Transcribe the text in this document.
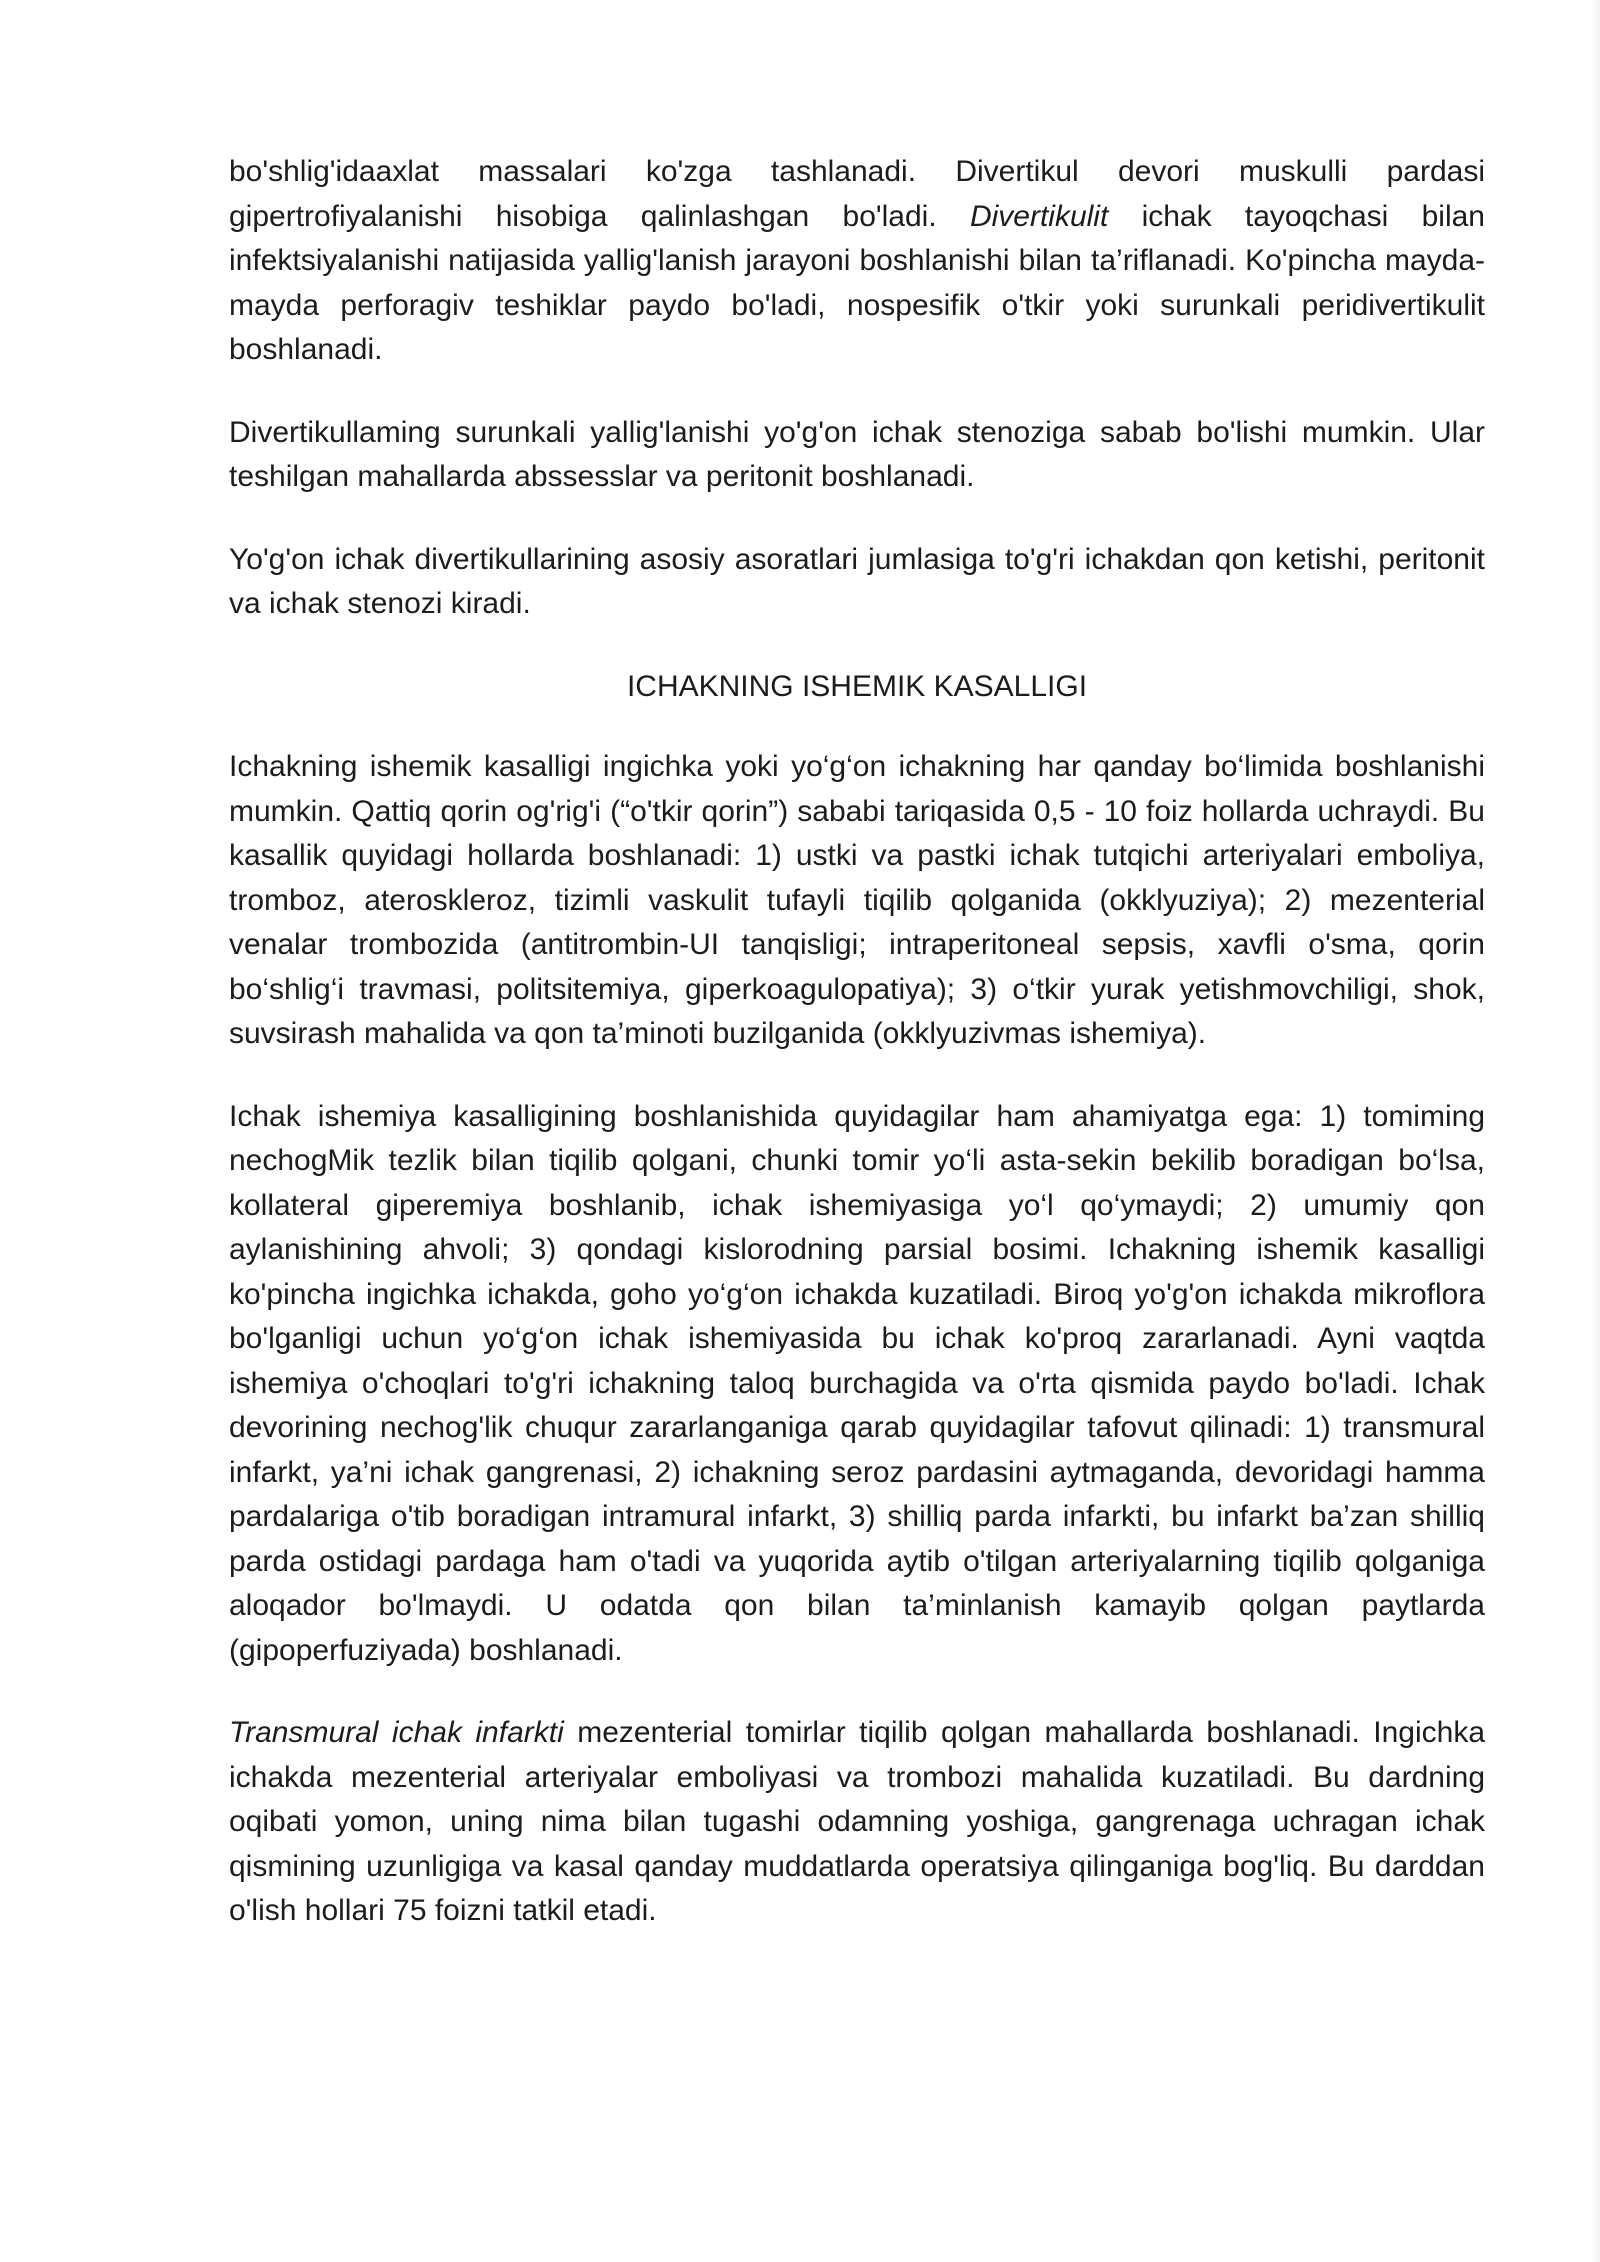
bo'shlig'idaaxlat massalari ko'zga tashlanadi. Divertikul devori muskulli pardasi gipertrofiyalanishi hisobiga qalinlashgan bo'ladi. Divertikulit ichak tayoqchasi bilan infektsiyalanishi natijasida yallig'lanish jarayoni boshlanishi bilan ta’riflanadi. Ko'pincha mayda-mayda perforagiv teshiklar paydo bo'ladi, nospesifik o'tkir yoki surunkali peridivertikulit boshlanadi.

Divertikullaming surunkali yallig'lanishi yo'g'on ichak stenoziga sabab bo'lishi mumkin. Ular teshilgan mahallarda abssesslar va peritonit boshlanadi.

Yo'g'on ichak divertikullarining asosiy asoratlari jumlasiga to'g'ri ichakdan qon ketishi, peritonit va ichak stenozi kiradi.

ICHAKNING ISHEMIK KASALLIGI

Ichakning ishemik kasalligi ingichka yoki yo‘g‘on ichakning har qanday bo‘limida boshlanishi mumkin. Qattiq qorin og'rig'i (“o'tkir qorin”) sababi tariqasida 0,5 - 10 foiz hollarda uchraydi. Bu kasallik quyidagi hollarda boshlanadi: 1) ustki va pastki ichak tutqichi arteriyalari emboliya, tromboz, ateroskleroz, tizimli vaskulit tufayli tiqilib qolganida (okklyuziya); 2) mezenterial venalar trombozida (antitrombin-UI tanqisligi; intraperitoneal sepsis, xavfli o'sma, qorin bo‘shlig‘i travmasi, politsitemiya, giperkoagulopatiya); 3) o‘tkir yurak yetishmovchiligi, shok, suvsirash mahalida va qon ta’minoti buzilganida (okklyuzivmas ishemiya).

Ichak ishemiya kasalligining boshlanishida quyidagilar ham ahamiyatga ega: 1) tomiming nechogMik tezlik bilan tiqilib qolgani, chunki tomir yo‘li asta-sekin bekilib boradigan bo‘lsa, kollateral giperemiya boshlanib, ichak ishemiyasiga yo‘l qo‘ymaydi; 2) umumiy qon aylanishining ahvoli; 3) qondagi kislorodning parsial bosimi. Ichakning ishemik kasalligi ko'pincha ingichka ichakda, goho yo‘g‘on ichakda kuzatiladi. Biroq yo'g'on ichakda mikroflora bo'lganligi uchun yo‘g‘on ichak ishemiyasida bu ichak ko'proq zararlanadi. Ayni vaqtda ishemiya o'choqlari to'g'ri ichakning taloq burchagida va o'rta qismida paydo bo'ladi. Ichak devorining nechog'lik chuqur zararlanganiga qarab quyidagilar tafovut qilinadi: 1) transmural infarkt, ya’ni ichak gangrenasi, 2) ichakning seroz pardasini aytmaganda, devoridagi hamma pardalariga o'tib boradigan intramural infarkt, 3) shilliq parda infarkti, bu infarkt ba’zan shilliq parda ostidagi pardaga ham o'tadi va yuqorida aytib o'tilgan arteriyalarning tiqilib qolganiga aloqador bo'lmaydi. U odatda qon bilan ta’minlanish kamayib qolgan paytlarda (gipoperfuziyada) boshlanadi.

Transmural ichak infarkti mezenterial tomirlar tiqilib qolgan mahallarda boshlanadi. Ingichka ichakda mezenterial arteriyalar emboliyasi va trombozi mahalida kuzatiladi. Bu dardning oqibati yomon, uning nima bilan tugashi odamning yoshiga, gangrenaga uchragan ichak qismining uzunligiga va kasal qanday muddatlarda operatsiya qilinganiga bog'liq. Bu darddan o'lish hollari 75 foizni tatkil etadi.
